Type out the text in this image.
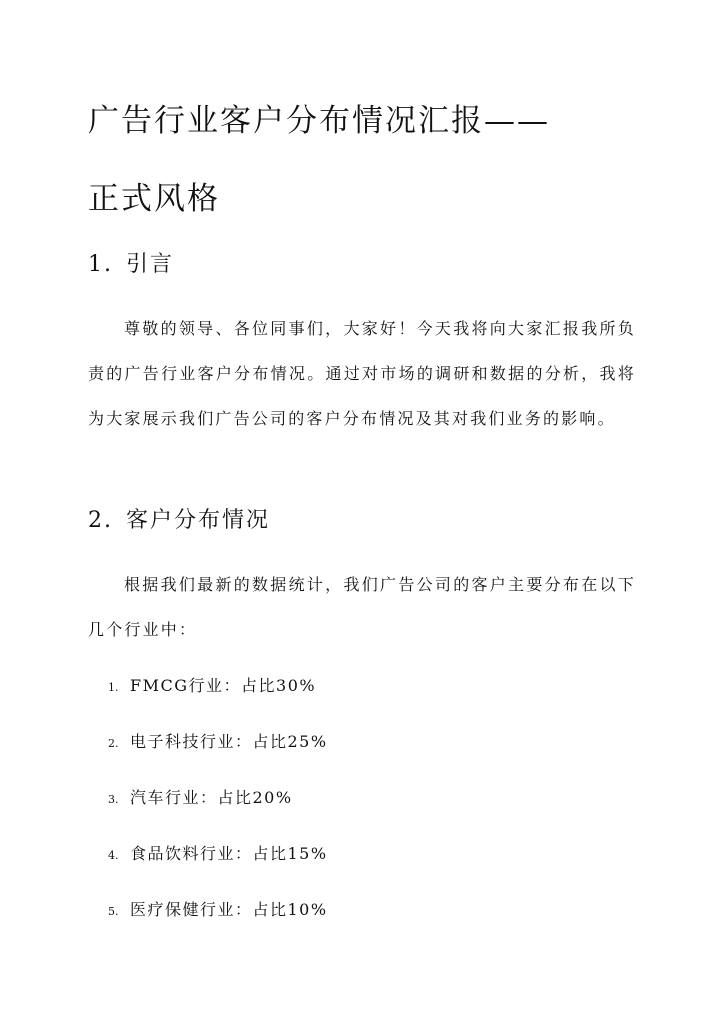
广告行业客户分布情况汇报——
正式风格
1. 引言

尊敬的领导、各位同事们，大家好！今天我将向大家汇报我所负责的广告行业客户分布情况。通过对市场的调研和数据的分析，我将为大家展示我们广告公司的客户分布情况及其对我们业务的影响。

2. 客户分布情况

根据我们最新的数据统计，我们广告公司的客户主要分布在以下几个行业中：

1. FMCG行业：占比30%
2. 电子科技行业：占比25%
3. 汽车行业：占比20%
4. 食品饮料行业：占比15%
5. 医疗保健行业：占比10%
